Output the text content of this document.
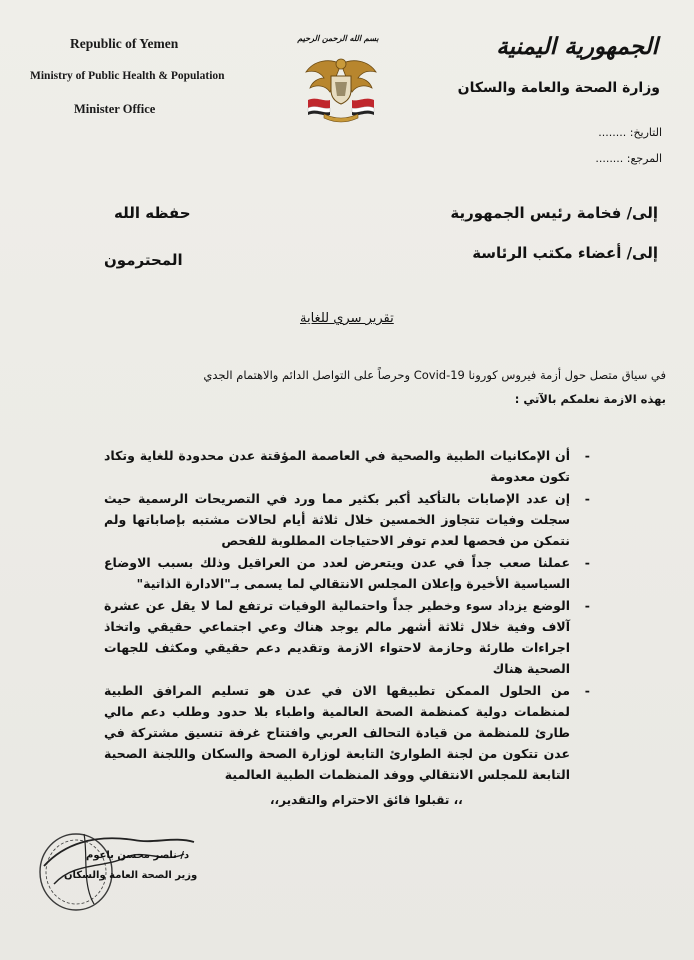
Republic of Yemen
Ministry of Public Health & Population
Minister Office
بسم الله الرحمن الرحيم	الجمهورية اليمنية
وزارة الصحة والعامة والسكان
التاريخ: ........
المرجع: ........
إلى/ فخامة رئيس الجمهورية
حفظه الله
إلى/ أعضاء مكتب الرئاسة
المحترمون
تقرير سري للغاية
في سياق متصل حول أزمة فيروس كورونا Covid-19 وحرصاً على التواصل الدائم والاهتمام الجدي
بهذه الازمة نعلمكم بالآتي :
-
أن الإمكانيات الطبية والصحية في العاصمة المؤقتة عدن محدودة للغاية وتكاد تكون معدومة
-
إن عدد الإصابات بالتأكيد أكبر بكثير مما ورد في التصريحات الرسمية حيث سجلت وفيات تتجاوز الخمسين خلال ثلاثة أيام لحالات مشتبه بإصاباتها ولم نتمكن من فحصها لعدم توفر الاحتياجات المطلوبة للفحص
-
عملنا صعب جداً في عدن ويتعرض لعدد من العراقيل وذلك بسبب الاوضاع السياسية الأخيرة وإعلان المجلس الانتقالي لما يسمى بـ"الادارة الذاتية"
-
الوضع يزداد سوء وخطير جداً واحتمالية الوفيات ترتفع لما لا يقل عن عشرة آلاف وفية خلال ثلاثة أشهر مالم يوجد هناك وعي اجتماعي حقيقي واتخاذ اجراءات طارئة وحازمة لاحتواء الازمة وتقديم دعم حقيقي ومكثف للجهات الصحية هناك
-
من الحلول الممكن تطبيقها الان في عدن هو تسليم المرافق الطبية لمنظمات دولية كمنظمة الصحة العالمية واطباء بلا حدود وطلب دعم مالي طارئ للمنظمة من قيادة التحالف العربي وافتتاح غرفة تنسيق مشتركة في عدن تتكون من لجنة الطوارئ التابعة لوزارة الصحة والسكان واللجنة الصحية التابعة للمجلس الانتقالي ووفد المنظمات الطبية العالمية
،، تقبلوا فائق الاحترام والتقدير،،
د/ ناصر محسن باعوم
وزير الصحة العامة والسكان
